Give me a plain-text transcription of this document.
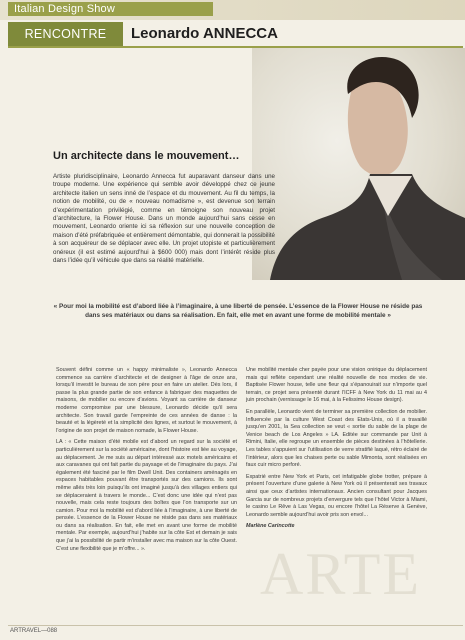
Italian Design Show
RENCONTRE	Leonardo ANNECCA
Un architecte dans le mouvement…

Artiste pluridisciplinaire, Leonardo Annecca fut auparavant danseur dans une troupe moderne. Une expérience qui semble avoir développé chez ce jeune architecte italien un sens inné de l’espace et du mouvement. Au fil du temps, la notion de mobilité, ou de « nouveau nomadisme », est devenue son terrain d’expérimentation privilégié, comme en témoigne son nouveau projet d’architecture, la Flower House. Dans un monde aujourd’hui sans cesse en mouvement, Leonardo oriente ici sa réflexion sur une nouvelle conception de maison d’été préfabriquée et entièrement démontable, qui donnerait la possibilité à son acquéreur de se déplacer avec elle. Un projet utopiste et particulièrement onéreux (il est estimé aujourd’hui à $600 000) mais dont l’intérêt réside plus dans l’idée qu’il véhicule que dans sa réalité matérielle.

« Pour moi la mobilité est d’abord liée à l’imaginaire, à une liberté de pensée. L’essence de la Flower House ne réside pas dans ses matériaux ou dans sa réalisation. En fait, elle met en avant une forme de mobilité mentale »

Souvent défini comme un « happy minimaliste », Leonardo Annecca commence sa carrière d’architecte et de designer à l’âge de onze ans, lorsqu’il investit le bureau de son père pour en faire un atelier. Dès lors, il passe la plus grande partie de son enfance à fabriquer des maquettes de maisons, de mobilier ou encore d’avions. Voyant sa carrière de danseur moderne compromise par une blessure, Leonardo décide qu’il sera architecte. Son travail garde l’empreinte de ces années de danse : la beauté et la légèreté et la simplicité des lignes, et surtout le mouvement, à l’origine de son projet de maison nomade, la Flower House.

LA : « Cette maison d’été mobile est d’abord un regard sur la société et particulièrement sur la société américaine, dont l’histoire est liée au voyage, au déplacement. Je me suis au départ intéressé aux motels américains et aux caravanes qui ont fait partie du paysage et de l’imaginaire du pays. J’ai également été fasciné par le film Dwell Unit. Des containers aménagés en espaces habitables pouvant être transportés sur des camions. Ils sont même allés très loin puisqu’ils ont imaginé jusqu’à des villages entiers qui se déplaceraient à travers le monde... C’est donc une idée qui n’est pas nouvelle, mais cela reste toujours des boîtes que l’on transporte sur un camion. Pour moi la mobilité est d’abord liée à l’imaginaire, à une liberté de pensée. L’essence de la Flower House ne réside pas dans ses matériaux ou dans sa réalisation. En fait, elle met en avant une forme de mobilité mentale. Par exemple, aujourd’hui j’habite sur la côte Est et demain je sais que j’ai la possibilité de partir m’installer avec ma maison sur la côte Ouest. C’est une flexibilité que je m’offre... ».

Une mobilité mentale cher payée pour une vision onirique du déplacement mais qui reflète cependant une réalité nouvelle de nos modes de vie. Baptisée Flower house, telle une fleur qui s’épanouirait sur n’importe quel terrain, ce projet sera présenté durant l’ICFF à New York du 11 mai au 4 juin prochain (vernissage le 16 mai, à la Felissimo House design).

En parallèle, Leonardo vient de terminer sa première collection de mobilier. Influencée par la culture West Coast des Etats-Unis, où il a travaillé jusqu’en 2001, la Sea collection se veut « sortie du sable de la plage de Venice beach de Los Angeles » LA. Editée sur commande par Unit à Rimini, Italie, elle regroupe un ensemble de pièces destinées à l’hôtellerie. Les tables s’appuient sur l’utilisation de verre stratifié laqué, rétro éclairé de l’intérieur, alors que les chaises perte ou sable Mimonta, sont réalisées en faux cuir micro perforé.

Expatrié entre New York et Paris, cet infatigable globe trotter, prépare à présent l’ouverture d’une galerie à New York où il présenterait ses travaux ainsi que ceux d’artistes internationaux. Ancien consultant pour Jacques Garcia sur de nombreux projets d’envergure tels que l’hôtel Victor à Miami, le casino Le Rêve à Las Vegas, ou encore l’hôtel La Réserve à Genève, Leonardo semble aujourd’hui avoir pris son envol...

Marlène Carincotte

ARTE
ARTRAVEL—088
